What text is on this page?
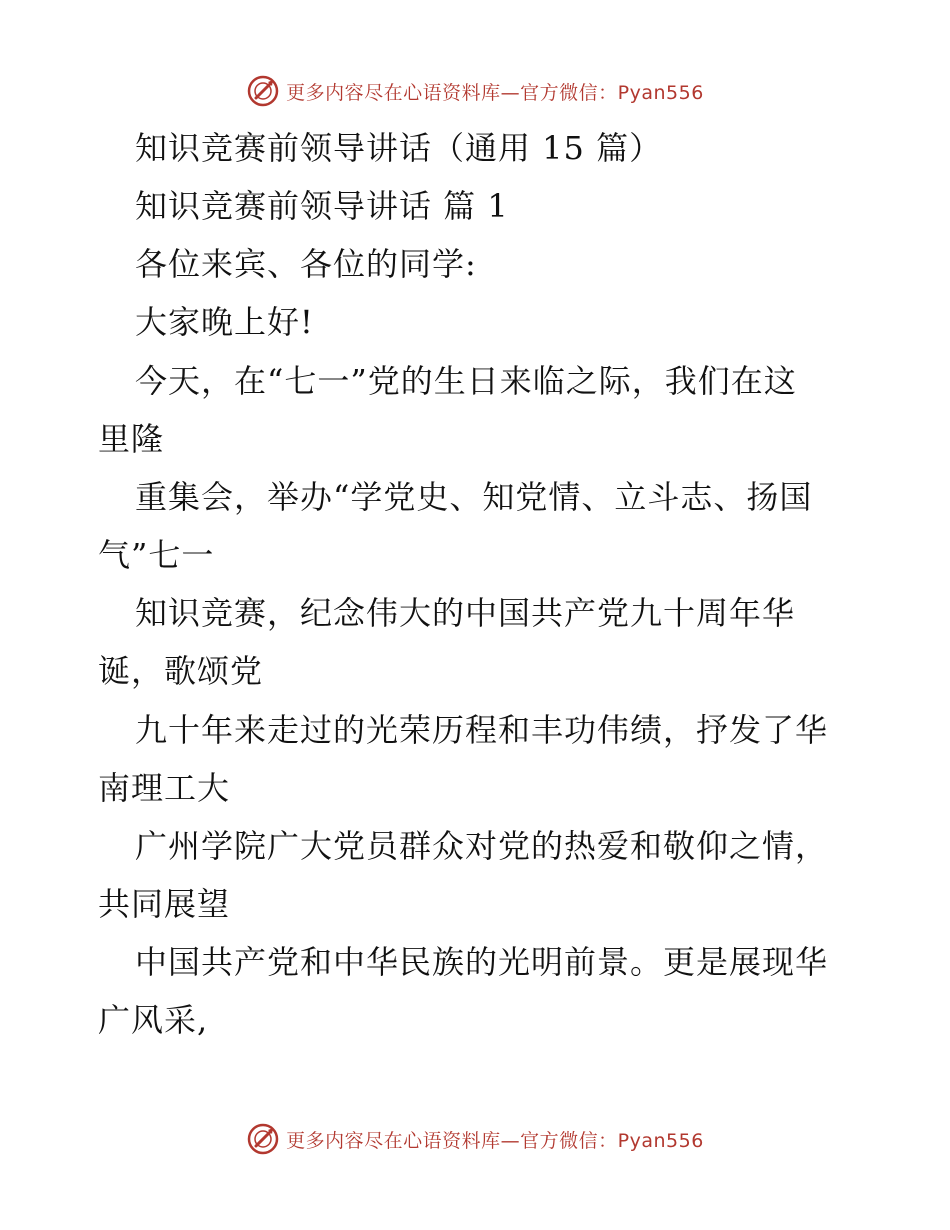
更多内容尽在心语资料库—官方微信：Pyan556
知识竞赛前领导讲话（通用 15 篇）
知识竞赛前领导讲话 篇 1
各位来宾、各位的同学:
大家晚上好!
今天，在“七一”党的生日来临之际，我们在这
里隆
重集会，举办“学党史、知党情、立斗志、扬国
气”七一
知识竞赛，纪念伟大的中国共产党九十周年华
诞，歌颂党
九十年来走过的光荣历程和丰功伟绩，抒发了华
南理工大
广州学院广大党员群众对党的热爱和敬仰之情，
共同展望
中国共产党和中华民族的光明前景。更是展现华
广风采,
更多内容尽在心语资料库—官方微信：Pyan556
